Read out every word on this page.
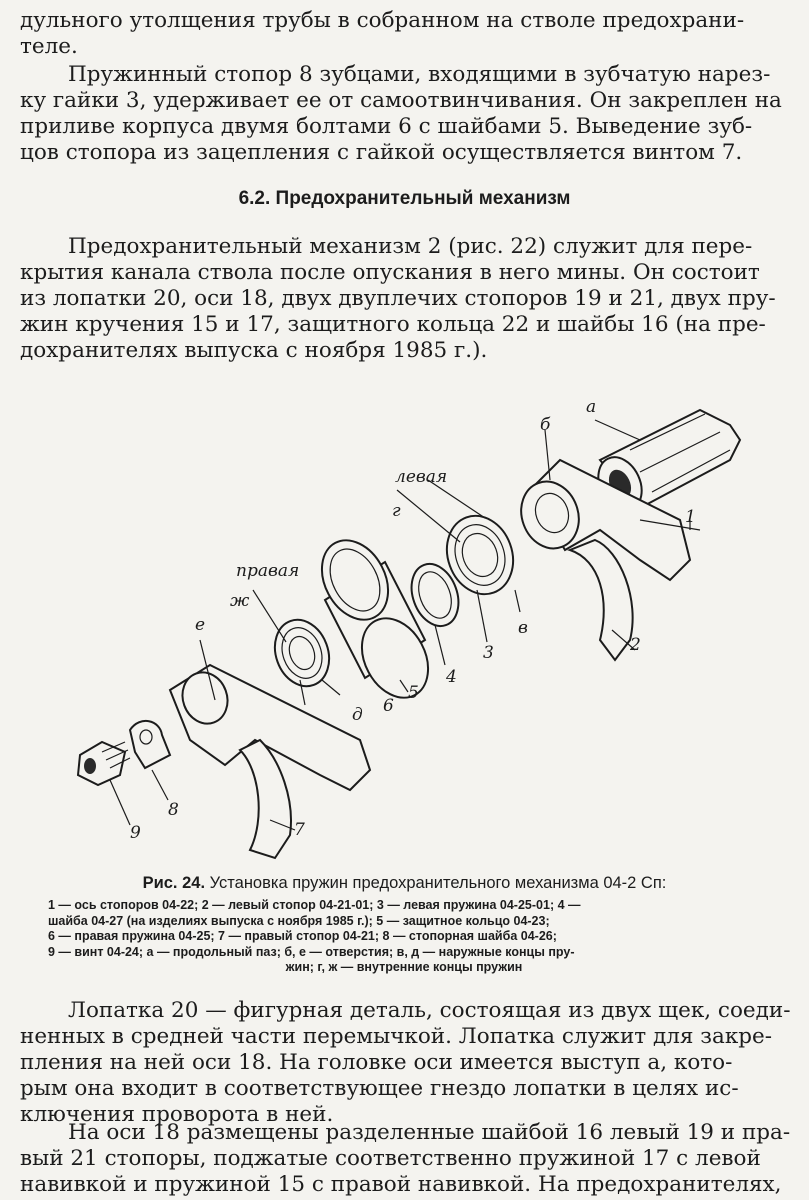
дульного утолщения трубы в собранном на стволе предохрани-
теле.

Пружинный стопор 8 зубцами, входящими в зубчатую нарез-
ку гайки 3, удерживает ее от самоотвинчивания. Он закреплен на
приливе корпуса двумя болтами 6 с шайбами 5. Выведение зуб-
цов стопора из зацепления с гайкой осуществляется винтом 7.

6.2. Предохранительный механизм

Предохранительный механизм 2 (рис. 22) служит для пере-
крытия канала ствола после опускания в него мины. Он состоит
из лопатки 20, оси 18, двух двуплечих стопоров 19 и 21, двух пру-
жин кручения 15 и 17, защитного кольца 22 и шайбы 16 (на пре-
дохранителях выпуска с ноября 1985 г.).

а
б
в
г
д
е
ж
левая
правая
1
2
3
4
5
6
7
8
9
Рис. 24. Установка пружин предохранительного механизма 04-2 Сп:
1 — ось стопоров 04-22; 2 — левый стопор 04-21-01; 3 — левая пружина 04-25-01; 4 —
шайба 04-27 (на изделиях выпуска с ноября 1985 г.); 5 — защитное кольцо 04-23;
6 — правая пружина 04-25; 7 — правый стопор 04-21; 8 — стопорная шайба 04-26;
9 — винт 04-24; а — продольный паз; б, е — отверстия; в, д — наружные концы пру-
жин; г, ж — внутренние концы пружин

Лопатка 20 — фигурная деталь, состоящая из двух щек, соеди-
ненных в средней части перемычкой. Лопатка служит для закре-
пления на ней оси 18. На головке оси имеется выступ а, кото-
рым она входит в соответствующее гнездо лопатки в целях ис-
ключения проворота в ней.

На оси 18 размещены разделенные шайбой 16 левый 19 и пра-
вый 21 стопоры, поджатые соответственно пружиной 17 с левой
навивкой и пружиной 15 с правой навивкой. На предохранителях,
